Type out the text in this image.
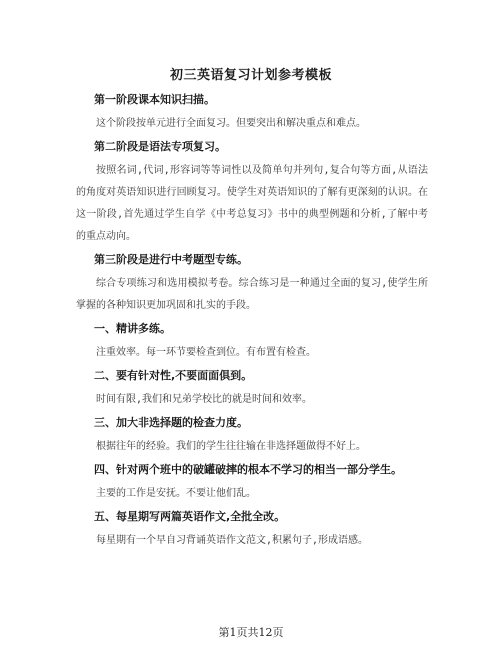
初三英语复习计划参考模板
第一阶段课本知识扫描。

这个阶段按单元进行全面复习。但要突出和解决重点和难点。

第二阶段是语法专项复习。

按照名词,代词,形容词等等词性以及简单句并列句,复合句等方面,从语法的角度对英语知识进行回顾复习。使学生对英语知识的了解有更深刻的认识。在这一阶段,首先通过学生自学《中考总复习》书中的典型例题和分析,了解中考的重点动向。

第三阶段是进行中考题型专练。

综合专项练习和选用模拟考卷。综合练习是一种通过全面的复习,使学生所掌握的各种知识更加巩固和扎实的手段。

一、精讲多练。

注重效率。每一环节要检查到位。有布置有检查。

二、要有针对性,不要面面俱到。

时间有限,我们和兄弟学校比的就是时间和效率。

三、加大非选择题的检查力度。

根据往年的经验。我们的学生往往输在非选择题做得不好上。

四、针对两个班中的破罐破摔的根本不学习的相当一部分学生。

主要的工作是安抚。不要让他们乱。

五、每星期写两篇英语作文,全批全改。

每星期有一个早自习背诵英语作文范文,积累句子,形成语感。

第1页共12页
